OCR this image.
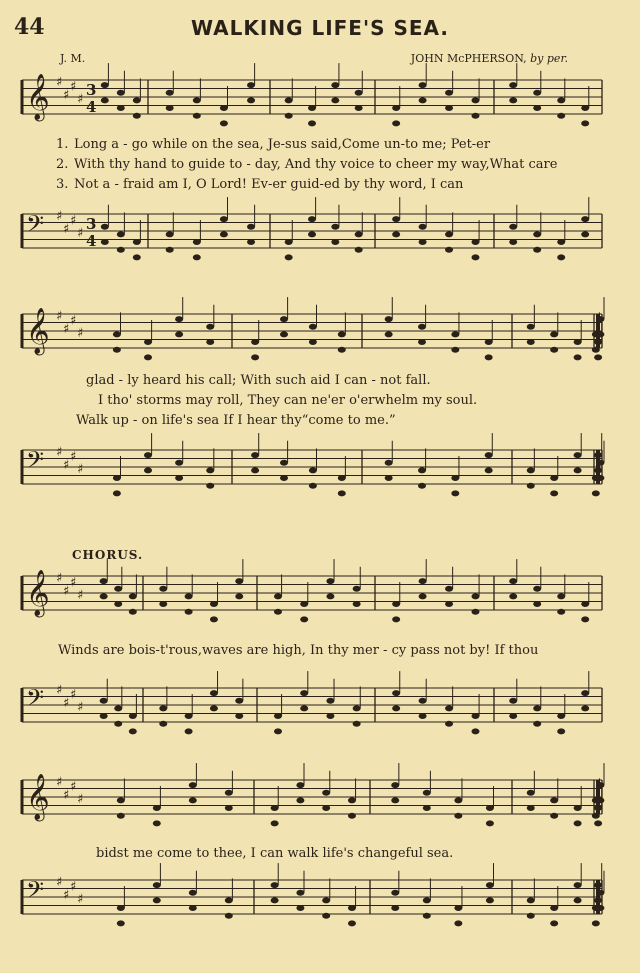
44	WALKING LIFE'S SEA.
J. M.	JOHN McPHERSON, by per.
𝄞 ♯
♯
♯
♯
𝄢 ♯
♯
♯
♯
𝄞 ♯
♯
♯
♯
𝄢 ♯
♯
♯
♯
𝄞 ♯
♯
♯
♯
𝄢 ♯
♯
♯
♯
𝄞 ♯
♯
♯
♯
𝄢 ♯
♯
♯
♯
3
4
3
4
1. Long a - go while on the sea, Je-sus said,Come un-to me; Pet-er
2. With thy hand to guide to - day, And thy voice to cheer my way,What care
3. Not a - fraid am I, O Lord! Ev-er guid-ed by thy word, I can
glad - ly heard his call; With such aid I can - not fall.
I tho' storms may roll, They can ne'er o'erwhelm my soul.
Walk up - on life's sea If I hear thy“come to me.”
CHORUS.
Winds are bois-t'rous,waves are high, In thy mer - cy pass not by! If thou
bidst me come to thee, I can walk life's changeful sea.
